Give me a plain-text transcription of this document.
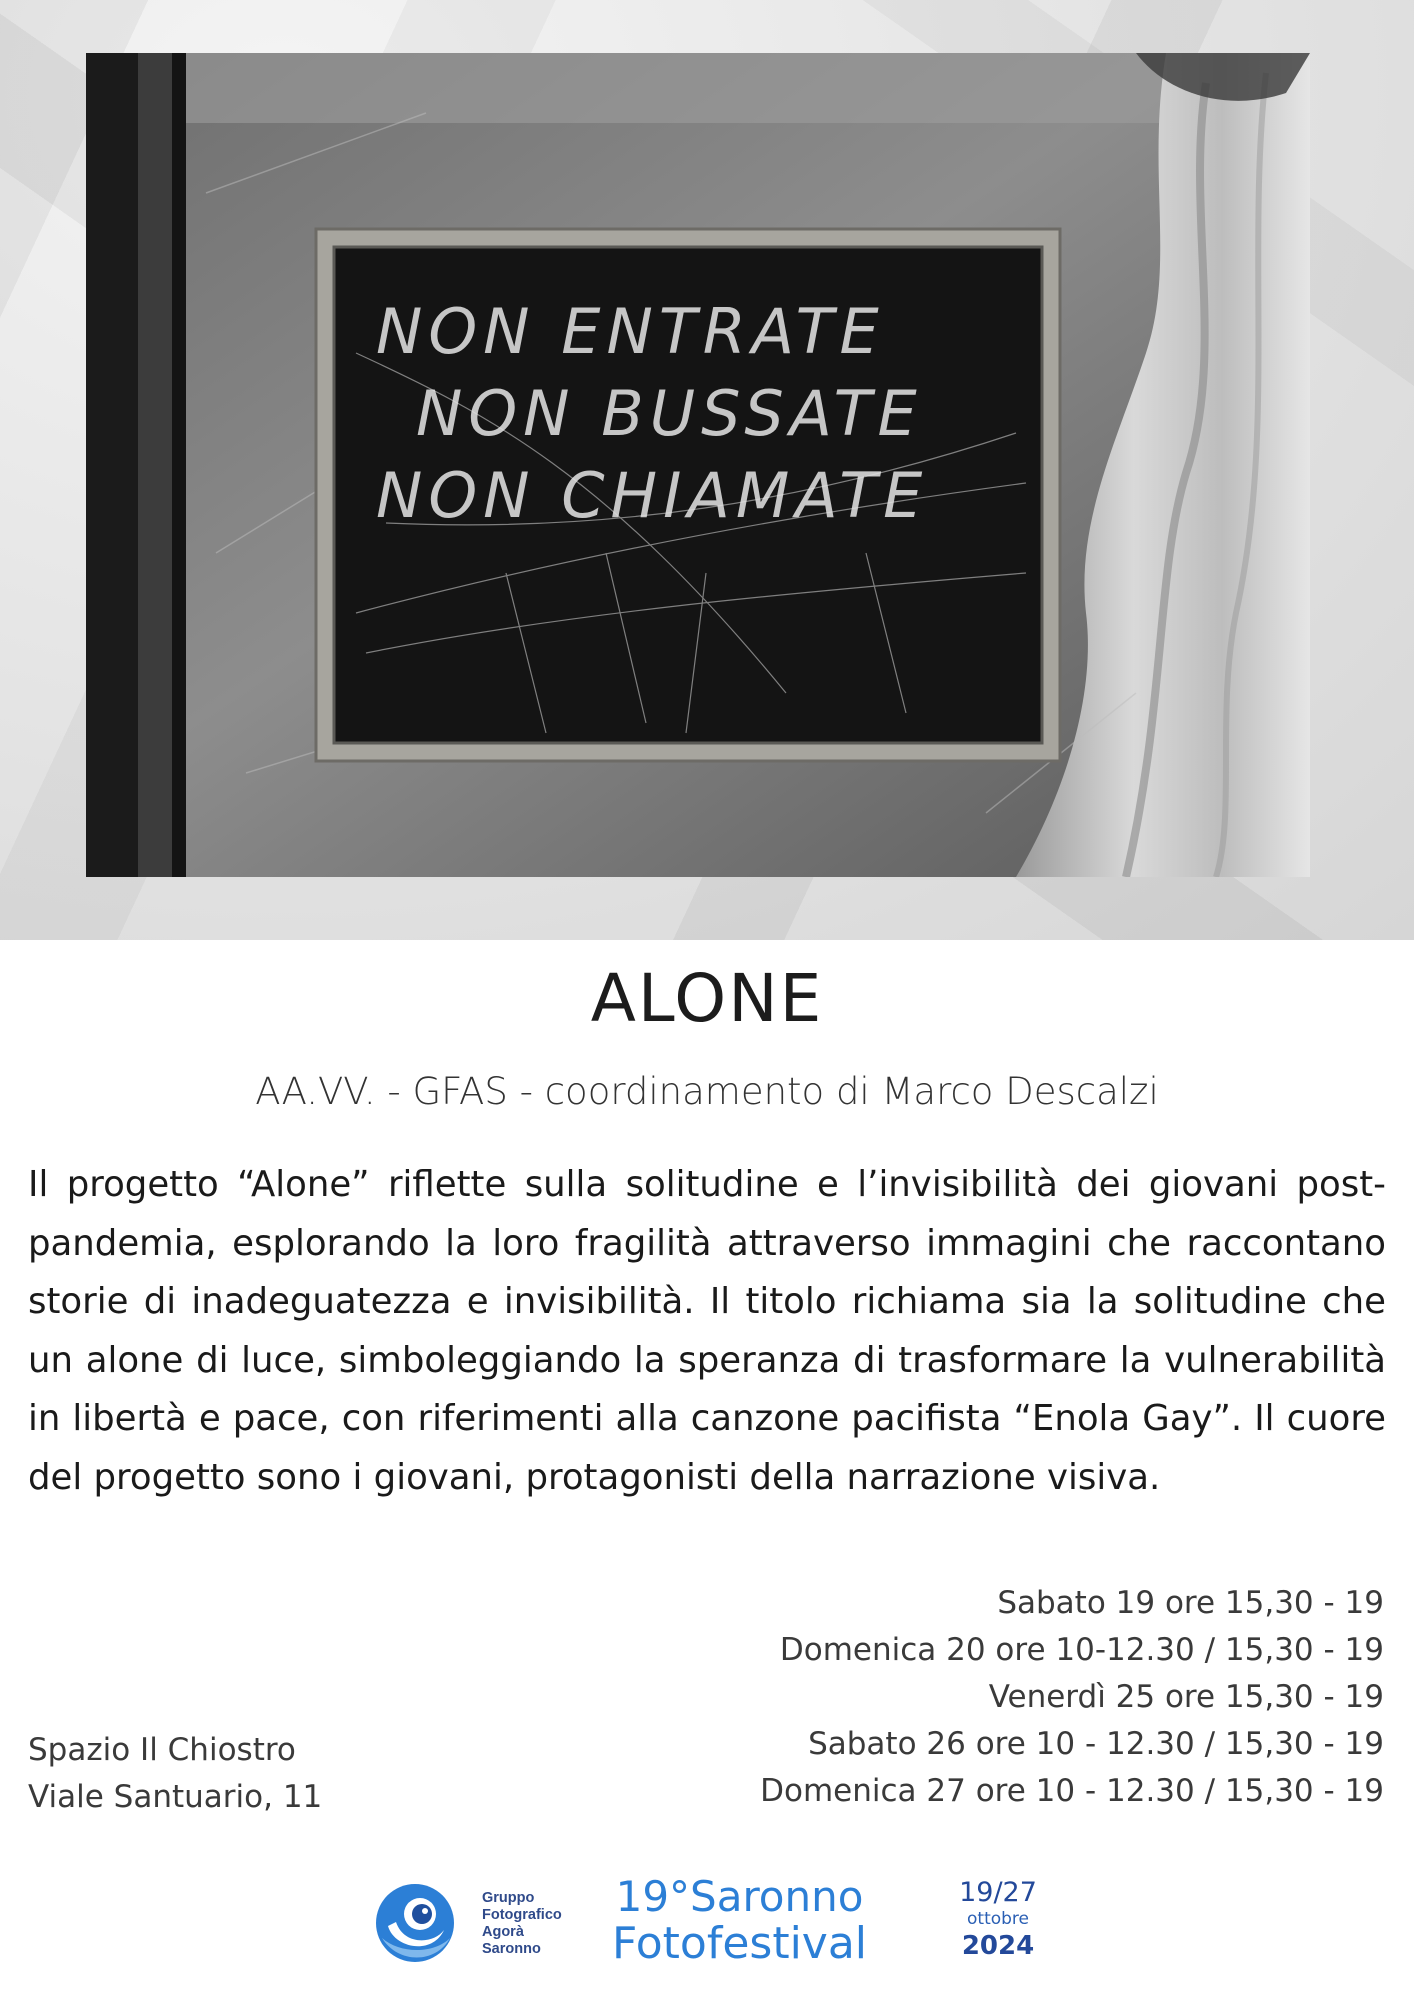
NON ENTRATE
NON BUSSATE
NON CHIAMATE
ALONE

AA.VV. - GFAS - coordinamento di Marco Descalzi

Il progetto “Alone” riflette sulla solitudine e l’invisibilità dei giovani post-pandemia, esplorando la loro fragilità attraverso immagini che raccontano storie di inadeguatezza e invisibilità. Il titolo richiama sia la solitudine che un alone di luce, simboleggiando la speranza di trasformare la vulnerabilità in libertà e pace, con riferimenti alla canzone pacifista “Enola Gay”. Il cuore del progetto sono i giovani, protagonisti della narrazione visiva.

Sabato 19 ore 15,30 - 19
Domenica 20 ore 10-12.30 / 15,30 - 19
Venerdì 25 ore 15,30 - 19
Sabato 26 ore 10 - 12.30 / 15,30 - 19
Domenica 27 ore 10 - 12.30 / 15,30 - 19
Spazio Il Chiostro
Viale Santuario, 11
Gruppo
Fotografico
Agorà
Saronno
19°Saronno
Fotofestival
19/27
ottobre
2024
